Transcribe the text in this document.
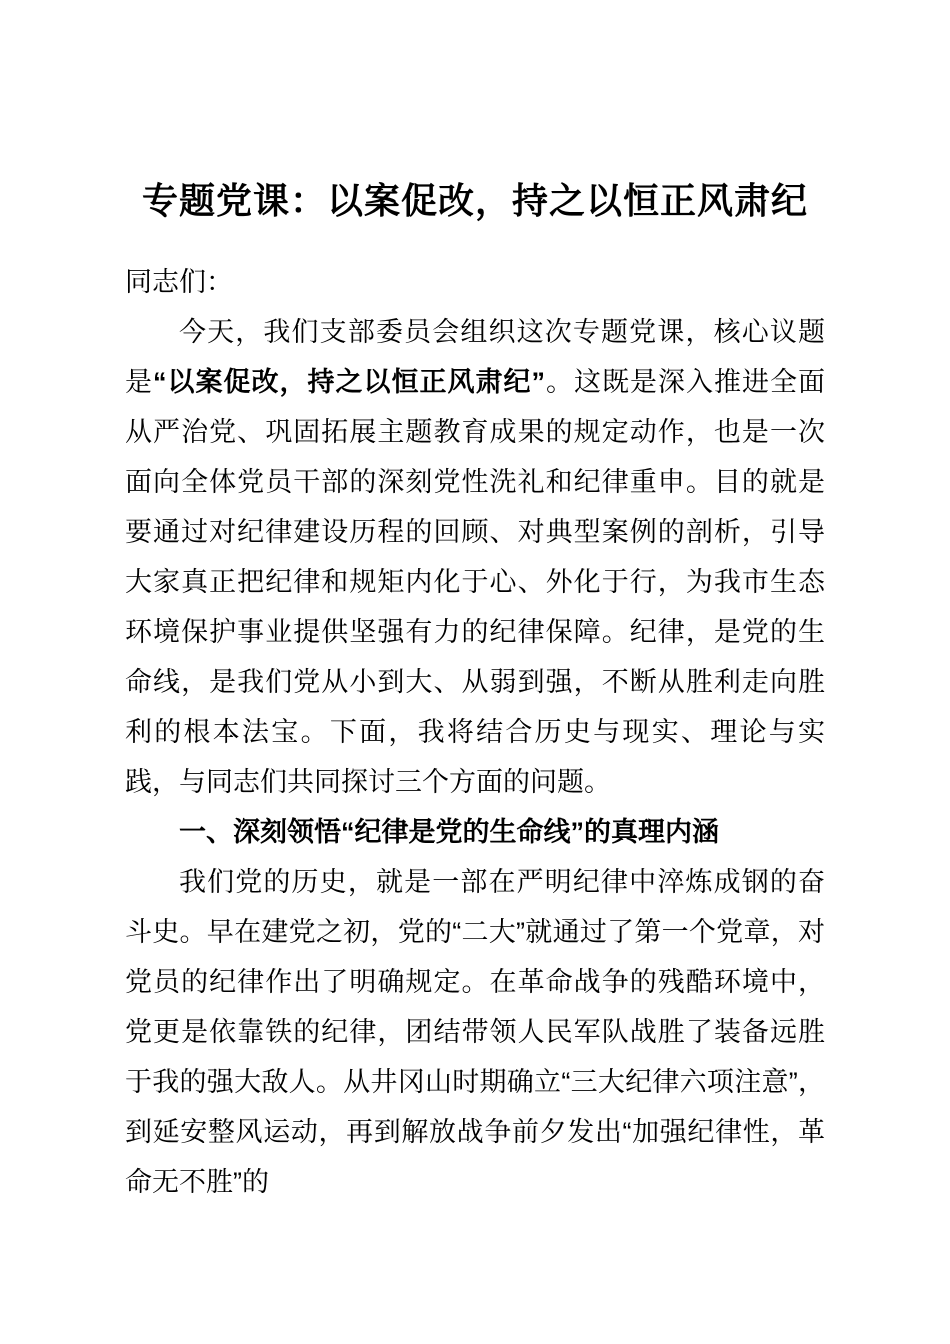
专题党课：以案促改，持之以恒正风肃纪

同志们：

今天，我们支部委员会组织这次专题党课，核心议题是“以案促改，持之以恒正风肃纪”。这既是深入推进全面从严治党、巩固拓展主题教育成果的规定动作，也是一次面向全体党员干部的深刻党性洗礼和纪律重申。目的就是要通过对纪律建设历程的回顾、对典型案例的剖析，引导大家真正把纪律和规矩内化于心、外化于行，为我市生态环境保护事业提供坚强有力的纪律保障。纪律，是党的生命线，是我们党从小到大、从弱到强，不断从胜利走向胜利的根本法宝。下面，我将结合历史与现实、理论与实践，与同志们共同探讨三个方面的问题。

一、深刻领悟“纪律是党的生命线”的真理内涵

我们党的历史，就是一部在严明纪律中淬炼成钢的奋斗史。早在建党之初，党的“二大”就通过了第一个党章，对党员的纪律作出了明确规定。在革命战争的残酷环境中，党更是依靠铁的纪律，团结带领人民军队战胜了装备远胜于我的强大敌人。从井冈山时期确立“三大纪律六项注意”，到延安整风运动，再到解放战争前夕发出“加强纪律性，革命无不胜”的
